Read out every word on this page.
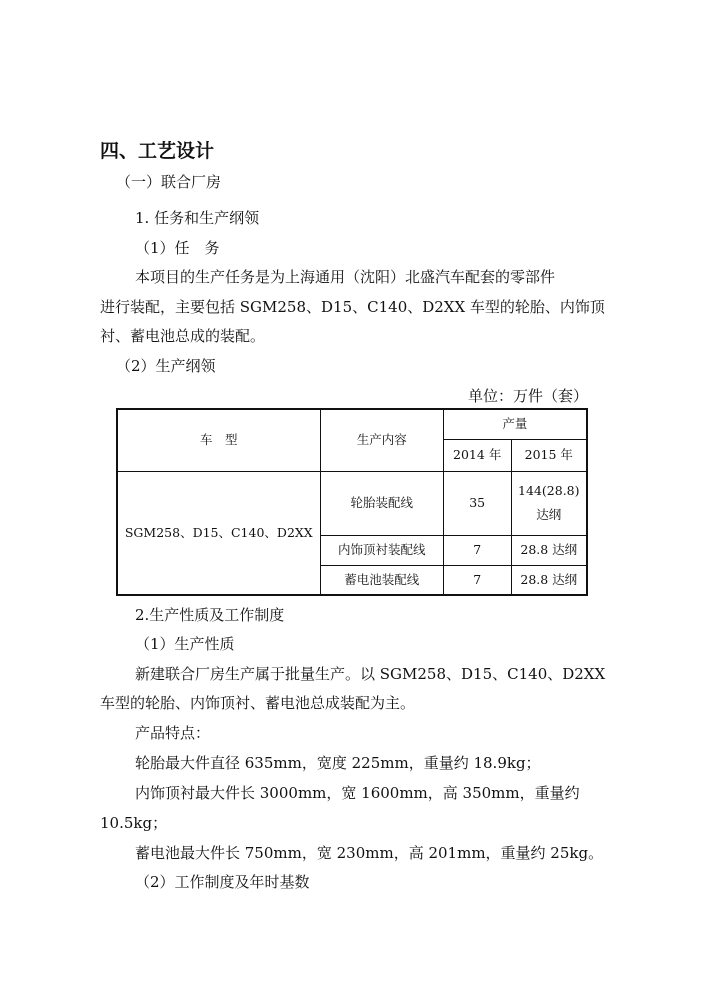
四、工艺设计
（一）联合厂房
1. 任务和生产纲领
（1）任　务
本项目的生产任务是为上海通用（沈阳）北盛汽车配套的零部件
进行装配，主要包括 SGM258、D15、C140、D2XX 车型的轮胎、内饰顶
衬、蓄电池总成的装配。
（2）生产纲领
单位：万件（套）
车　型	生产内容	产量	
		2014 年	2015 年
SGM258、D15、C140、D2XX	轮胎装配线	35	144(28.8)
达纲

	内饰顶衬装配线	7	28.8 达纲
	蓄电池装配线	7	28.8 达纲
2.生产性质及工作制度
（1）生产性质
新建联合厂房生产属于批量生产。以 SGM258、D15、C140、D2XX
车型的轮胎、内饰顶衬、蓄电池总成装配为主。
产品特点：
轮胎最大件直径 635mm，宽度 225mm，重量约 18.9kg；
内饰顶衬最大件长 3000mm，宽 1600mm，高 350mm，重量约
10.5kg；
蓄电池最大件长 750mm，宽 230mm，高 201mm，重量约 25kg。
（2）工作制度及年时基数
